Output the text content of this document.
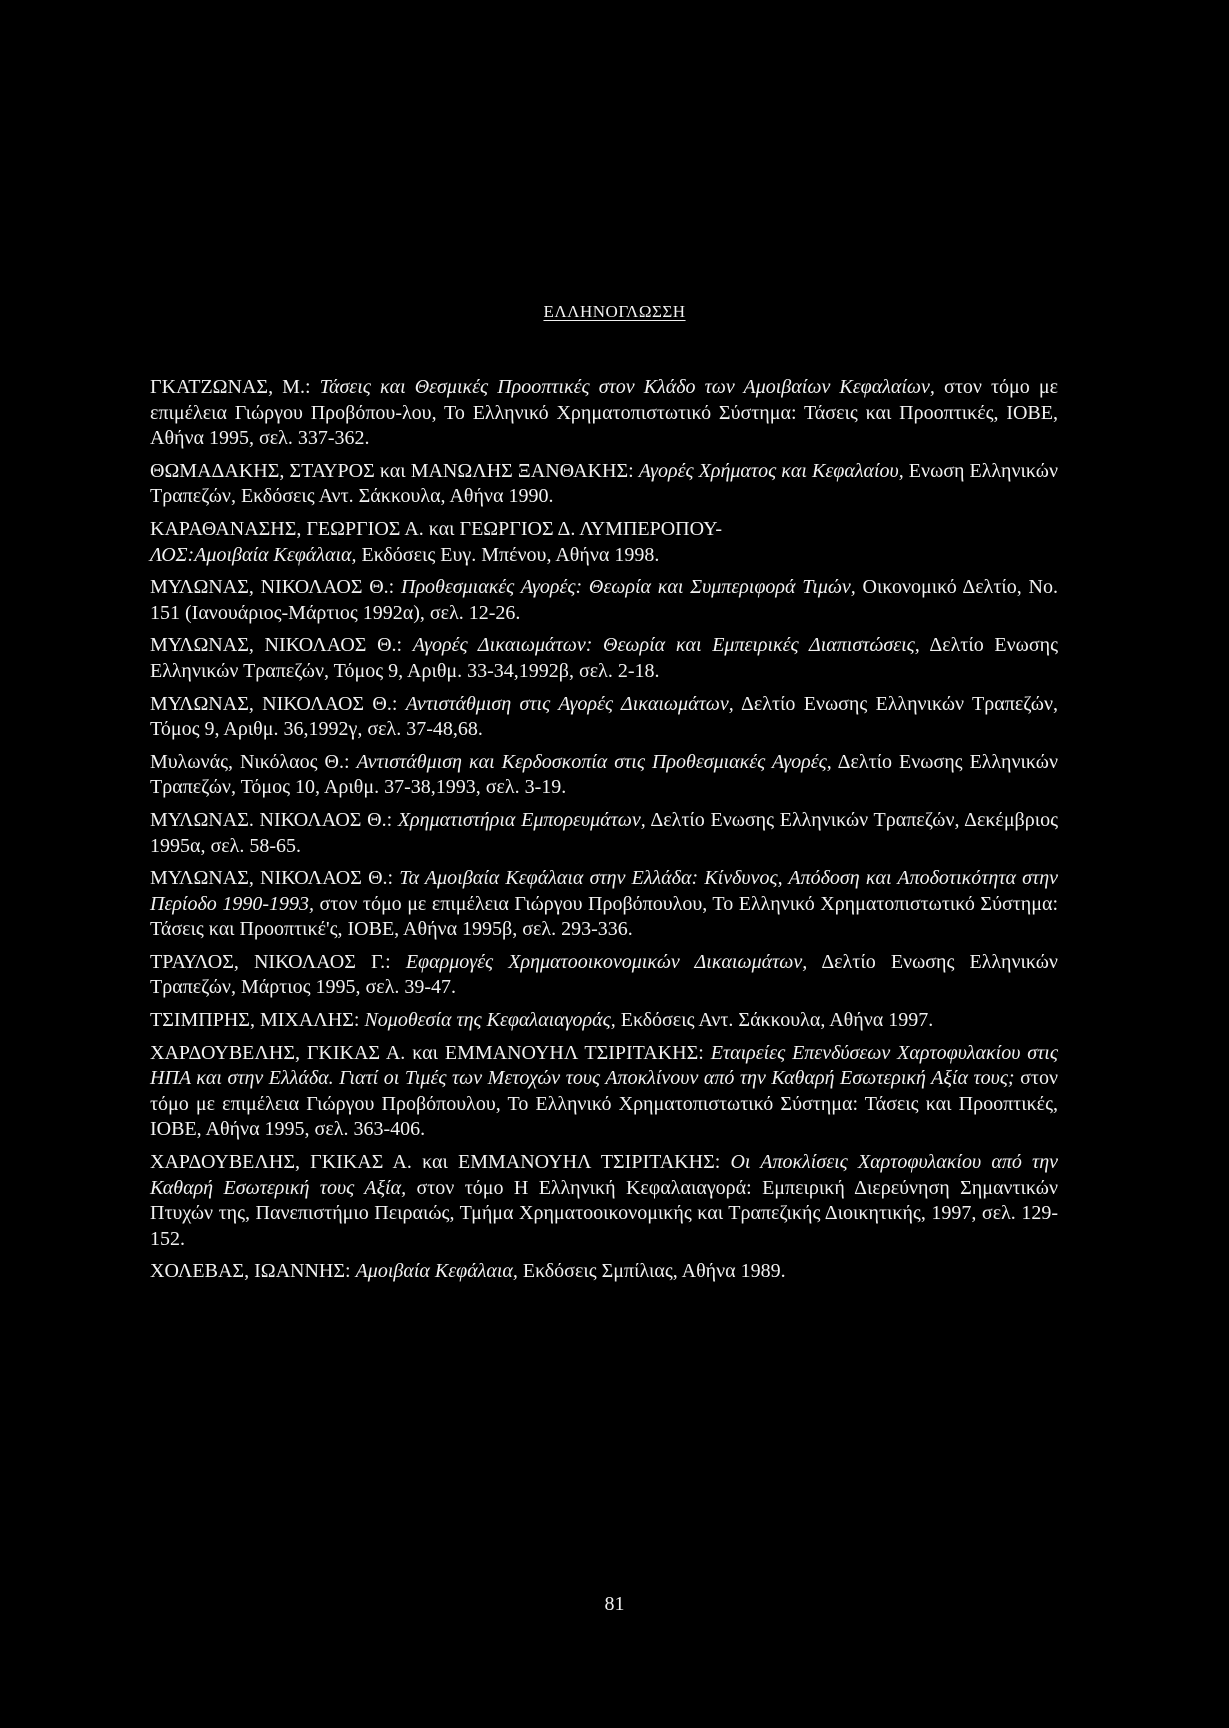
ΕΛΛΗΝΟΓΛΩΣΣΗ

ΓΚΑΤΖΩΝΑΣ, Μ.: Τάσεις και Θεσμικές Προοπτικές στον Κλάδο των Αμοιβαίων Κεφαλαίων, στον τόμο με επιμέλεια Γιώργου Προβόπου-λου, Το Ελληνικό Χρηματοπιστωτικό Σύστημα: Τάσεις και Προοπτικές, ΙΟΒΕ, Αθήνα 1995, σελ. 337-362.

ΘΩΜΑΔΑΚΗΣ, ΣΤΑΥΡΟΣ και ΜΑΝΩΛΗΣ ΞΑΝΘΑΚΗΣ: Αγορές Χρήματος και Κεφαλαίου, Ενωση Ελληνικών Τραπεζών, Εκδόσεις Αντ. Σάκκουλα, Αθήνα 1990.

ΚΑΡΑΘΑΝΑΣΗΣ, ΓΕΩΡΓΙΟΣ Α. και ΓΕΩΡΓΙΟΣ Δ. ΛΥΜΠΕΡΟΠΟΥ-
ΛΟΣ:Αμοιβαία Κεφάλαια, Εκδόσεις Ευγ. Μπένου, Αθήνα 1998.

ΜΥΛΩΝΑΣ, ΝΙΚΟΛΑΟΣ Θ.: Προθεσμιακές Αγορές: Θεωρία και Συμπεριφορά Τιμών, Οικονομικό Δελτίο, Νο. 151 (Ιανουάριος-Μάρτιος 1992α), σελ. 12-26.

ΜΥΛΩΝΑΣ, ΝΙΚΟΛΑΟΣ Θ.: Αγορές Δικαιωμάτων: Θεωρία και Εμπειρικές Διαπιστώσεις, Δελτίο Ενωσης Ελληνικών Τραπεζών, Τόμος 9, Αριθμ. 33-34,1992β, σελ. 2-18.

ΜΥΛΩΝΑΣ, ΝΙΚΟΛΑΟΣ Θ.: Αντιστάθμιση στις Αγορές Δικαιωμάτων, Δελτίο Ενωσης Ελληνικών Τραπεζών, Τόμος 9, Αριθμ. 36,1992γ, σελ. 37-48,68.

Μυλωνάς, Νικόλαος Θ.: Αντιστάθμιση και Κερδοσκοπία στις Προθεσμιακές Αγορές, Δελτίο Ενωσης Ελληνικών Τραπεζών, Τόμος 10, Αριθμ. 37-38,1993, σελ. 3-19.

ΜΥΛΩΝΑΣ. ΝΙΚΟΛΑΟΣ Θ.: Χρηματιστήρια Εμπορευμάτων, Δελτίο Ενωσης Ελληνικών Τραπεζών, Δεκέμβριος 1995α, σελ. 58-65.

ΜΥΛΩΝΑΣ, ΝΙΚΟΛΑΟΣ Θ.: Τα Αμοιβαία Κεφάλαια στην Ελλάδα: Κίνδυνος, Απόδοση και Αποδοτικότητα στην Περίοδο 1990-1993, στον τόμο με επιμέλεια Γιώργου Προβόπουλου, Το Ελληνικό Χρηματοπιστωτικό Σύστημα: Τάσεις και Προοπτικέ'ς, ΙΟΒΕ, Αθήνα 1995β, σελ. 293-336.

ΤΡΑΥΛΟΣ, ΝΙΚΟΛΑΟΣ Γ.: Εφαρμογές Χρηματοοικονομικών Δικαιωμάτων, Δελτίο Ενωσης Ελληνικών Τραπεζών, Μάρτιος 1995, σελ. 39-47.

ΤΣΙΜΠΡΗΣ, ΜΙΧΑΛΗΣ: Νομοθεσία της Κεφαλαιαγοράς, Εκδόσεις Αντ. Σάκκουλα, Αθήνα 1997.

ΧΑΡΔΟΥΒΕΛΗΣ, ΓΚΙΚΑΣ Α. και ΕΜΜΑΝΟΥΗΛ ΤΣΙΡΙΤΑΚΗΣ: Εταιρείες Επενδύσεων Χαρτοφυλακίου στις ΗΠΑ και στην Ελλάδα. Γιατί οι Τιμές των Μετοχών τους Αποκλίνουν από την Καθαρή Εσωτερική Αξία τους; στον τόμο με επιμέλεια Γιώργου Προβόπουλου, Το Ελληνικό Χρηματοπιστωτικό Σύστημα: Τάσεις και Προοπτικές, ΙΟΒΕ, Αθήνα 1995, σελ. 363-406.

ΧΑΡΔΟΥΒΕΛΗΣ, ΓΚΙΚΑΣ Α. και ΕΜΜΑΝΟΥΗΛ ΤΣΙΡΙΤΑΚΗΣ: Οι Αποκλίσεις Χαρτοφυλακίου από την Καθαρή Εσωτερική τους Αξία, στον τόμο Η Ελληνική Κεφαλαιαγορά: Εμπειρική Διερεύνηση Σημαντικών Πτυχών της, Πανεπιστήμιο Πειραιώς, Τμήμα Χρηματοοικονομικής και Τραπεζικής Διοικητικής, 1997, σελ. 129-152.

ΧΟΛΕΒΑΣ, ΙΩΑΝΝΗΣ: Αμοιβαία Κεφάλαια, Εκδόσεις Σμπίλιας, Αθήνα 1989.

81
